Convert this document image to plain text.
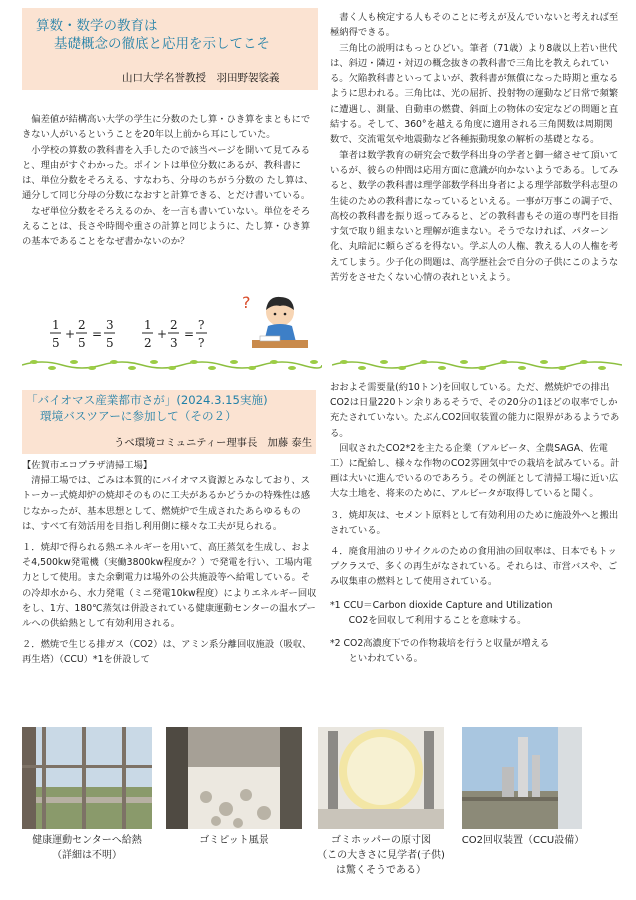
算数・数学の教育は
基礎概念の徹底と応用を示してこそ
山口大学名誉教授　羽田野袈裟義

偏差値が結構高い大学の学生に分数のたし算・ひき算をまともにできない人がいるということを20年以上前から耳にしていた。

小学校の算数の教科書を入手したので該当ページを開いて見てみると、理由がすぐわかった。ポイントは単位分数にあるが、教科書には、単位分数をそろえる、すなわち、分母のちがう分数の たし算は、通分して同じ分母の分数になおすと計算できる、とだけ書いている。

なぜ単位分数をそろえるのか、を一言も書いていない。単位をそろえることは、長さや時間や重さの計算と同じように、たし算・ひき算の基本であることをなぜ書かないのか？

1
5
+
2
5
=
3
5
1
2
+
2
3
=
?
?
?

書く人も検定する人もそのことに考えが及んでいないと考えれば至極納得できる。

三角比の説明はもっとひどい。筆者（71歳）より8歳以上若い世代は、斜辺・隣辺・対辺の概念抜きの教科書で三角比を教えられている。欠陥教科書といってよいが、教科書が無償になった時期と重なるように思われる。三角比は、光の屈折、投射物の運動など日常で頻繁に遭遇し、測量、自動車の燃費、斜面上の物体の安定などの問題と直結する。そして、360°を越える角度に適用される三角関数は周期関数で、交流電気や地震動など各種振動現象の解析の基礎となる。

筆者は数学教育の研究会で数学科出身の学者と御一緒させて頂いているが、彼らの仲間は応用方面に意識が向かないようである。してみると、数学の教科書は理学部数学科出身者による理学部数学科志望の生徒のための教科書になっているといえる。一事が万事この調子で、高校の教科書を振り返ってみると、どの教科書もその道の専門を目指す気で取り組まないと理解が進まない。そうでなければ、パターン化、丸暗記に頼らざるを得ない。学ぶ人の人権、教える人の人権を考えてしまう。少子化の問題は、高学歴社会で自分の子供にこのような苦労をさせたくない心情の表れといえよう。

「バイオマス産業都市さが」(2024.3.15実施)
環境バスツアーに参加して（その２）
うべ環境コミュニティー理事長　加藤 泰生
【佐賀市エコプラザ清掃工場】

清掃工場では、ごみは本質的にバイオマス資源とみなしており、ストーカー式焼却炉の焼却そのものに工夫があるかどうかの特殊性は感じなかったが、基本思想として、燃焼炉で生成されたあらゆるものは、すべて有効活用を目指し利用側に様々な工夫が見られる。

１．焼却で得られる熱エネルギーを用いて、高圧蒸気を生成し、およそ4,500kw発電機（実働3800kw程度か？）で発電を行い、工場内電力として使用。また余剰電力は場外の公共施設等へ給電している。その冷却水から、水力発電（ミニ発電10kw程度）によりエネルギー回収をし、1方、180℃蒸気は併設されている健康運動センターの温水プールへの供給熱として有効利用される。
２．燃焼で生じる排ガス（CO2）は、アミン系分離回収施設（吸収、再生塔）（CCU）*1を併設して
おおよそ需要量(約10トン)を回収している。ただ、燃焼炉での排出CO2は日量220トン余りあるそうで、その20分の1ほどの収率でしか充たされていない。たぶんCO2回収装置の能力に限界があるようである。

回収されたCO2*2を主たる企業（アルビータ、全農SAGA、佐電工）に配給し、様々な作物のCO2雰囲気中での栽培を試みている。計画は大いに進んでいるのであろう。その例証として清掃工場に近い広大な土地を、将来のために、アルビータが取得していると聞く。

３．焼却灰は、セメント原料として有効利用のために施設外へと搬出されている。
４．廃食用油のリサイクルのための食用油の回収率は、日本でもトップクラスで、多くの再生がなされている。それらは、市営バスや、ごみ収集車の燃料として使用されている。
*1 CCU＝Carbon dioxide Capture and Utilization
CO2を回収して利用することを意味する。
*2 CO2高濃度下での作物栽培を行うと収量が増える
といわれている。
健康運動センターへ給熱
（詳細は不明）
ゴミピット風景	ゴミホッパーの原寸図
（この大きさに見学者(子供)
は驚くそうである）
CO2回収装置（CCU設備）
